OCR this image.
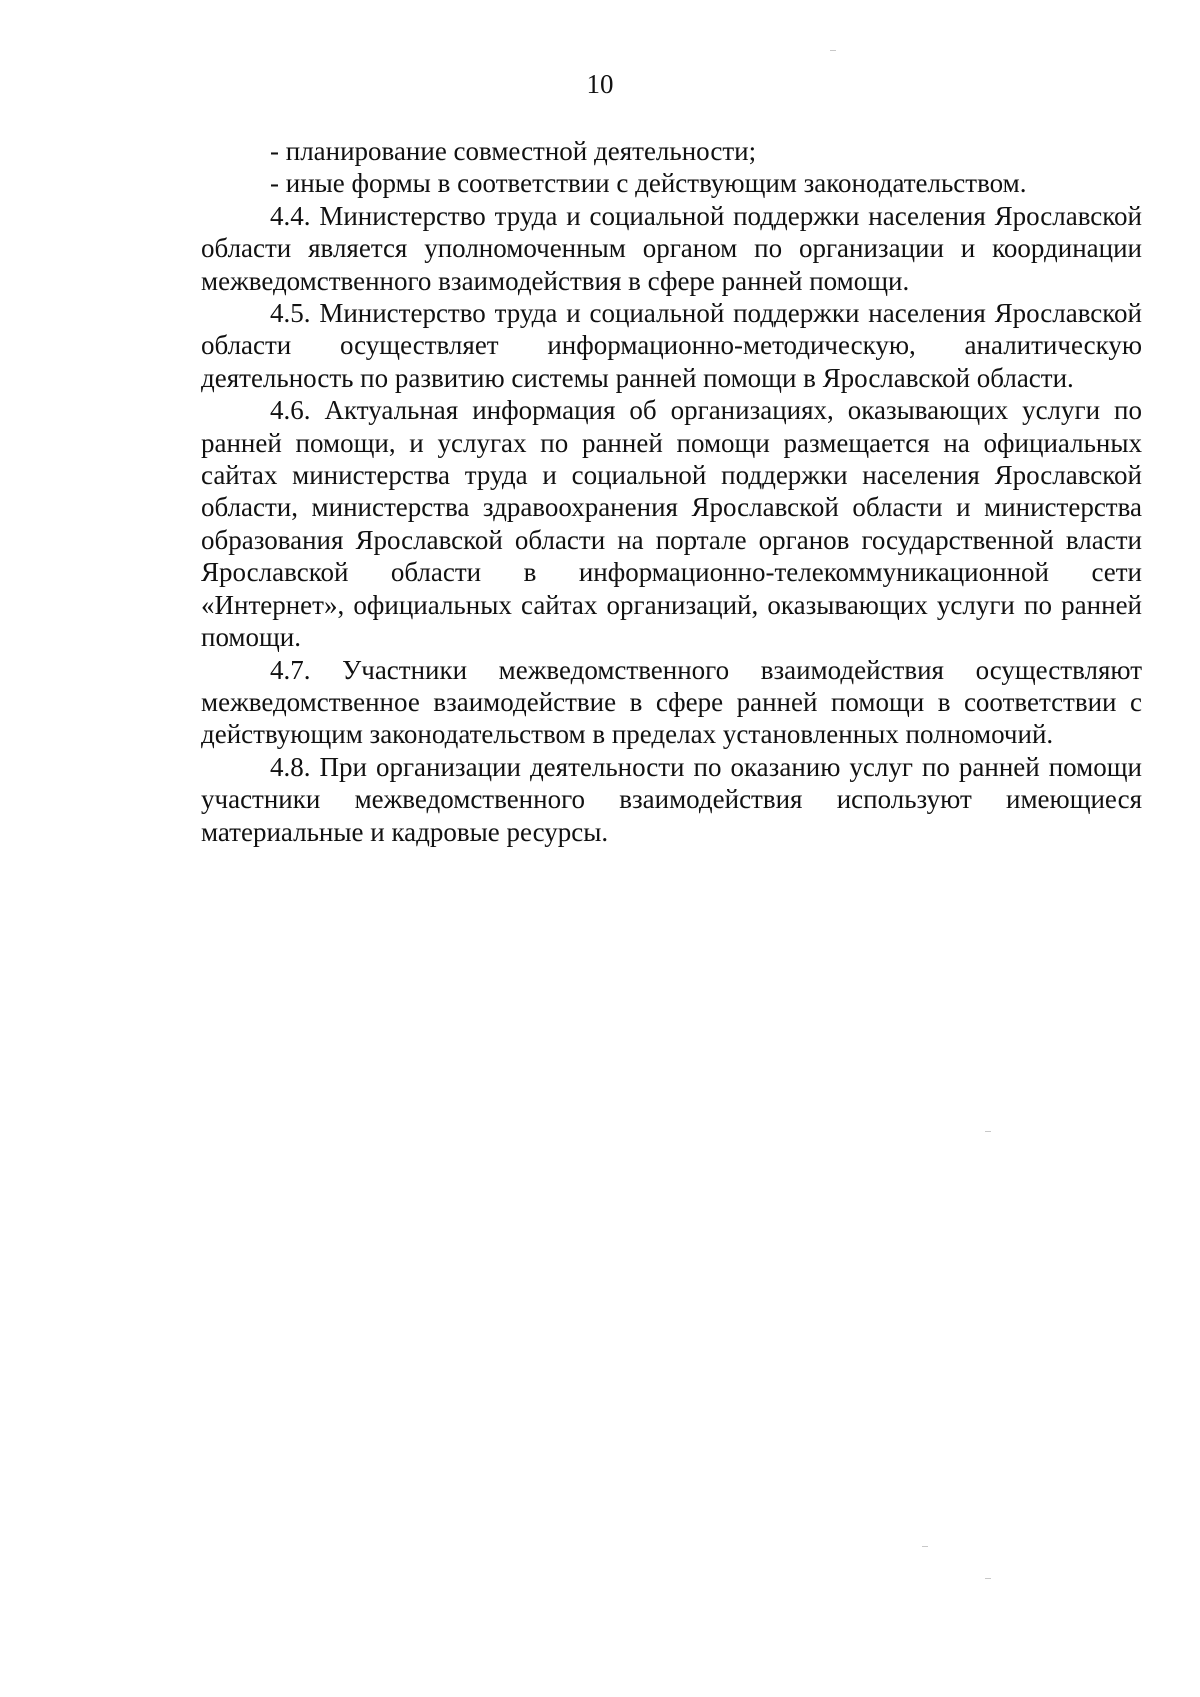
10

- планирование совместной деятельности;

- иные формы в соответствии с действующим законодательством.

4.4. Министерство труда и социальной поддержки населения Ярославской области является уполномоченным органом по организации и координации межведомственного взаимодействия в сфере ранней помощи.

4.5. Министерство труда и социальной поддержки населения Ярославской области осуществляет информационно-методическую, аналитическую деятельность по развитию системы ранней помощи в Ярославской области.

4.6. Актуальная информация об организациях, оказывающих услуги по ранней помощи, и услугах по ранней помощи размещается на официальных сайтах министерства труда и социальной поддержки населения Ярославской области, министерства здравоохранения Ярославской области и министерства образования Ярославской области на портале органов государственной власти Ярославской области в информационно-телекоммуникационной сети «Интернет», официальных сайтах организаций, оказывающих услуги по ранней помощи.

4.7. Участники межведомственного взаимодействия осуществляют межведомственное взаимодействие в сфере ранней помощи в соответствии с действующим законодательством в пределах установленных полномочий.

4.8. При организации деятельности по оказанию услуг по ранней помощи участники межведомственного взаимодействия используют имеющиеся материальные и кадровые ресурсы.
